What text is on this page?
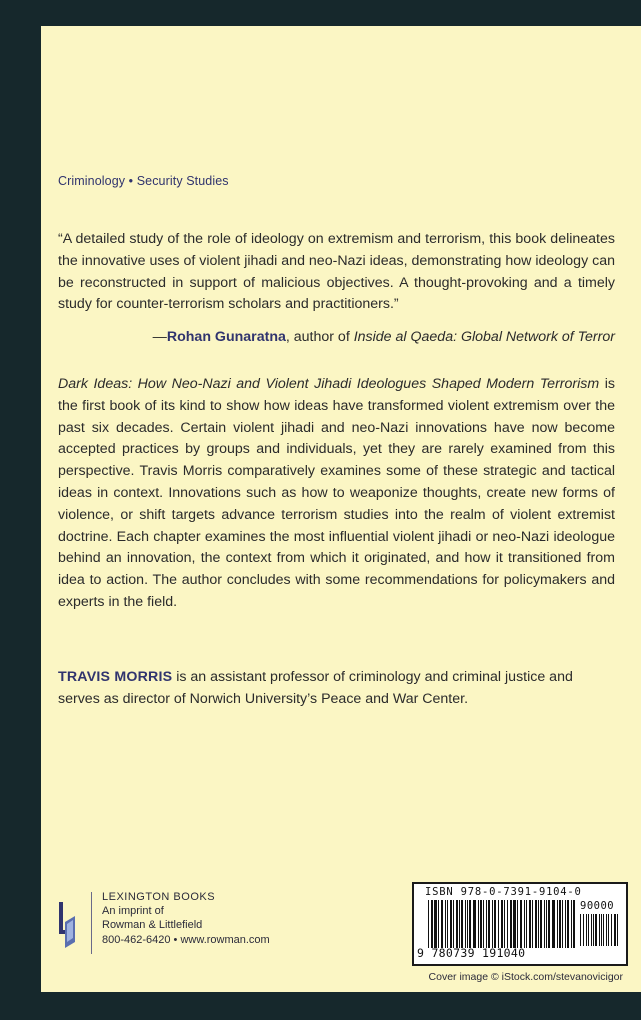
Criminology • Security Studies
“A detailed study of the role of ideology on extremism and terrorism, this book delineates the innovative uses of violent jihadi and neo-Nazi ideas, demonstrating how ideology can be reconstructed in support of malicious objectives. A thought-provoking and a timely study for counter-terrorism scholars and practitioners.”
—Rohan Gunaratna, author of Inside al Qaeda: Global Network of Terror
Dark Ideas: How Neo-Nazi and Violent Jihadi Ideologues Shaped Modern Terrorism is the first book of its kind to show how ideas have transformed violent extremism over the past six decades. Certain violent jihadi and neo-Nazi innovations have now become accepted practices by groups and individuals, yet they are rarely examined from this perspective. Travis Morris comparatively examines some of these strategic and tactical ideas in context. Innovations such as how to weaponize thoughts, create new forms of violence, or shift targets advance terrorism studies into the realm of violent extremist doctrine. Each chapter examines the most influential violent jihadi or neo-Nazi ideologue behind an innovation, the context from which it originated, and how it transitioned from idea to action. The author concludes with some recommendations for policymakers and experts in the field.
TRAVIS MORRIS is an assistant professor of criminology and criminal justice and serves as director of Norwich University’s Peace and War Center.
LEXINGTON BOOKS
An imprint of
Rowman & Littlefield
800-462-6420 • www.rowman.com
ISBN 978-0-7391-9104-0
90000
9 780739 191040
Cover image © iStock.com/stevanovicigor
